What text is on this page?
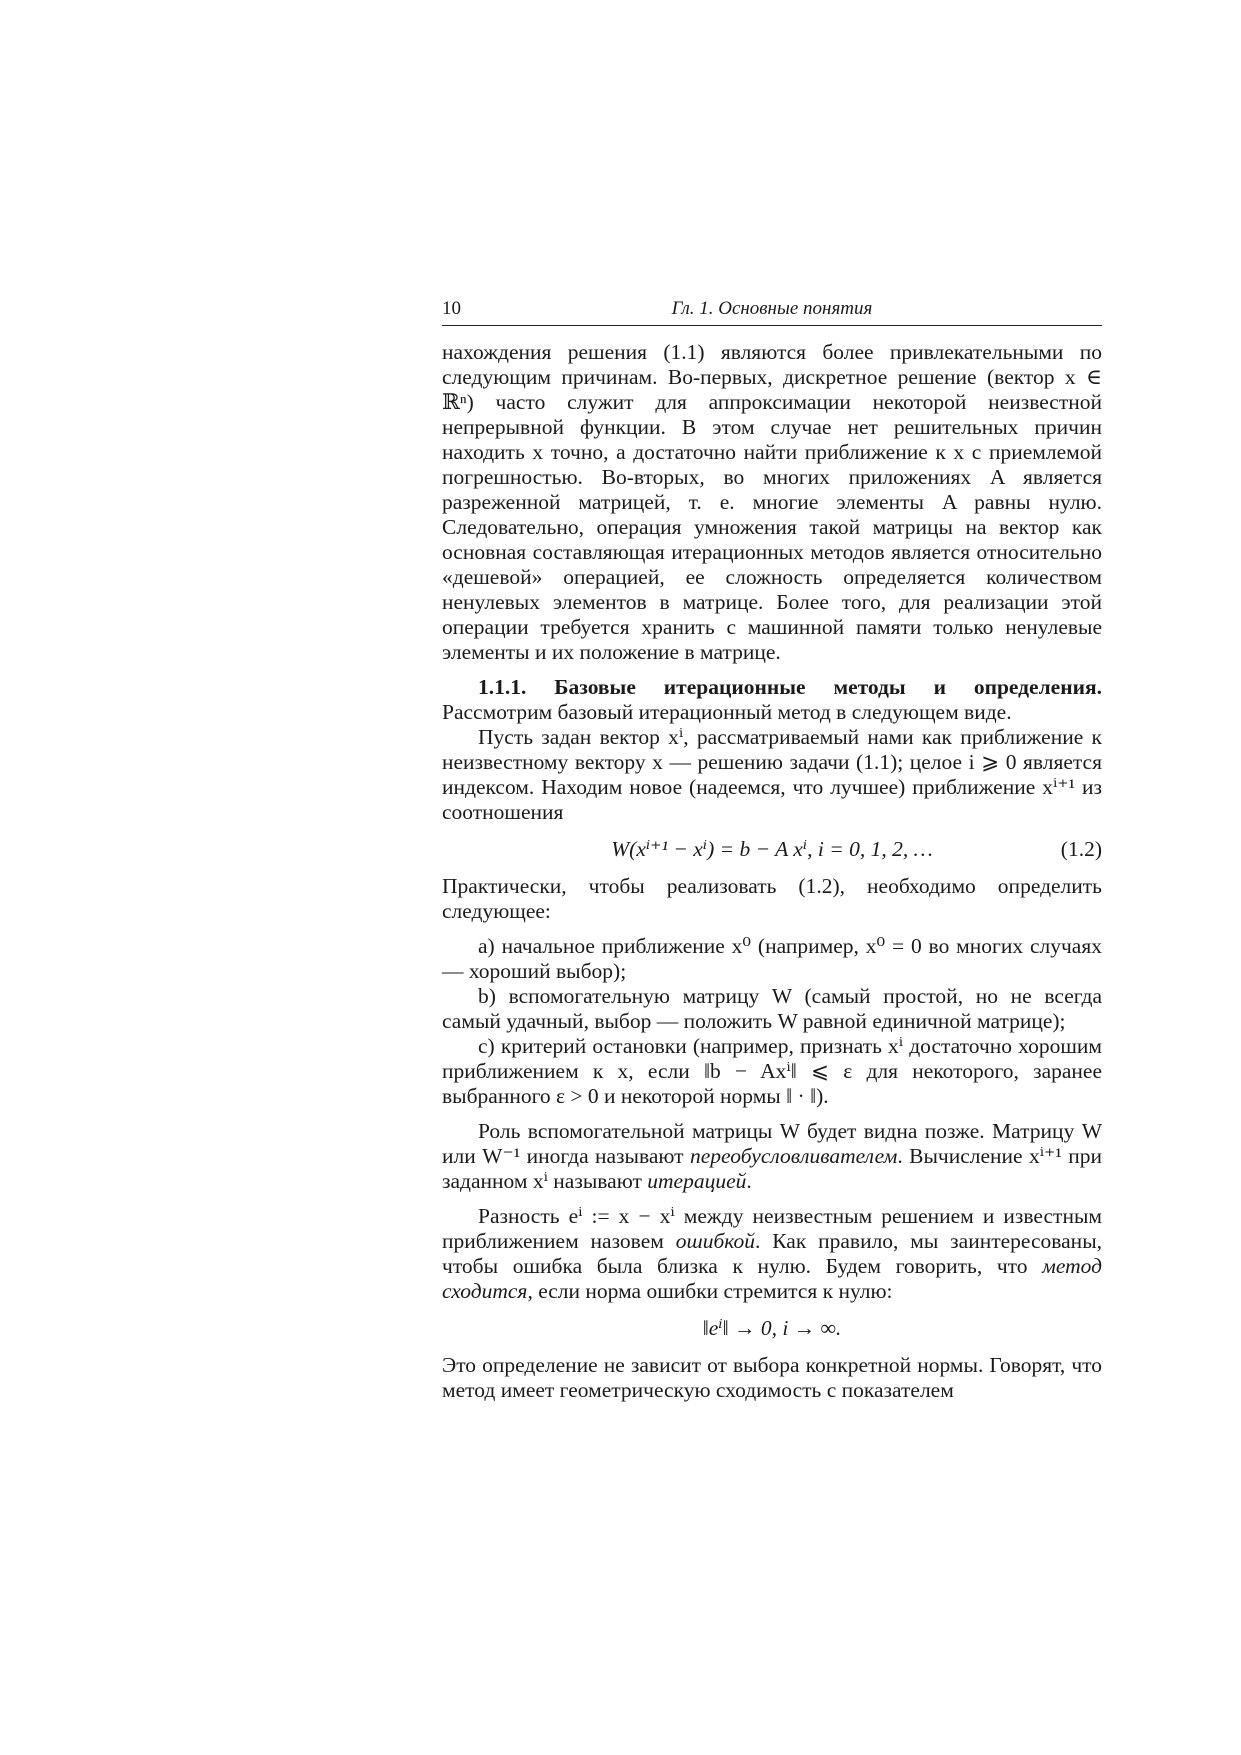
10	Гл. 1. Основные понятия

нахождения решения (1.1) являются более привлекательными по следующим причинам. Во-первых, дискретное решение (вектор x ∈ ℝⁿ) часто служит для аппроксимации некоторой неизвестной непрерывной функции. В этом случае нет решительных причин находить x точно, а достаточно найти приближение к x с приемлемой погрешностью. Во-вторых, во многих приложениях A является разреженной матрицей, т. е. многие элементы A равны нулю. Следовательно, операция умножения такой матрицы на вектор как основная составляющая итерационных методов является относительно «дешевой» операцией, ее сложность определяется количеством ненулевых элементов в матрице. Более того, для реализации этой операции требуется хранить с машинной памяти только ненулевые элементы и их положение в матрице.

1.1.1. Базовые итерационные методы и определения. Рассмотрим базовый итерационный метод в следующем виде.

Пусть задан вектор xⁱ, рассматриваемый нами как приближение к неизвестному вектору x — решению задачи (1.1); целое i ⩾ 0 является индексом. Находим новое (надеемся, что лучшее) приближение xⁱ⁺¹ из соотношения

W(xⁱ⁺¹ − xⁱ) = b − A xⁱ, i = 0, 1, 2, …	(1.2)

Практически, чтобы реализовать (1.2), необходимо определить следующее:

a) начальное приближение x⁰ (например, x⁰ = 0 во многих случаях — хороший выбор);

b) вспомогательную матрицу W (самый простой, но не всегда самый удачный, выбор — положить W равной единичной матрице);

c) критерий остановки (например, признать xⁱ достаточно хорошим приближением к x, если ‖b − Axⁱ‖ ⩽ ε для некоторого, заранее выбранного ε > 0 и некоторой нормы ‖ · ‖).

Роль вспомогательной матрицы W будет видна позже. Матрицу W или W⁻¹ иногда называют переобусловливателем. Вычисление xⁱ⁺¹ при заданном xⁱ называют итерацией.

Разность eⁱ := x − xⁱ между неизвестным решением и известным приближением назовем ошибкой. Как правило, мы заинтересованы, чтобы ошибка была близка к нулю. Будем говорить, что метод сходится, если норма ошибки стремится к нулю:

‖eⁱ‖ → 0, i → ∞.

Это определение не зависит от выбора конкретной нормы. Говорят, что метод имеет геометрическую сходимость с показателем
